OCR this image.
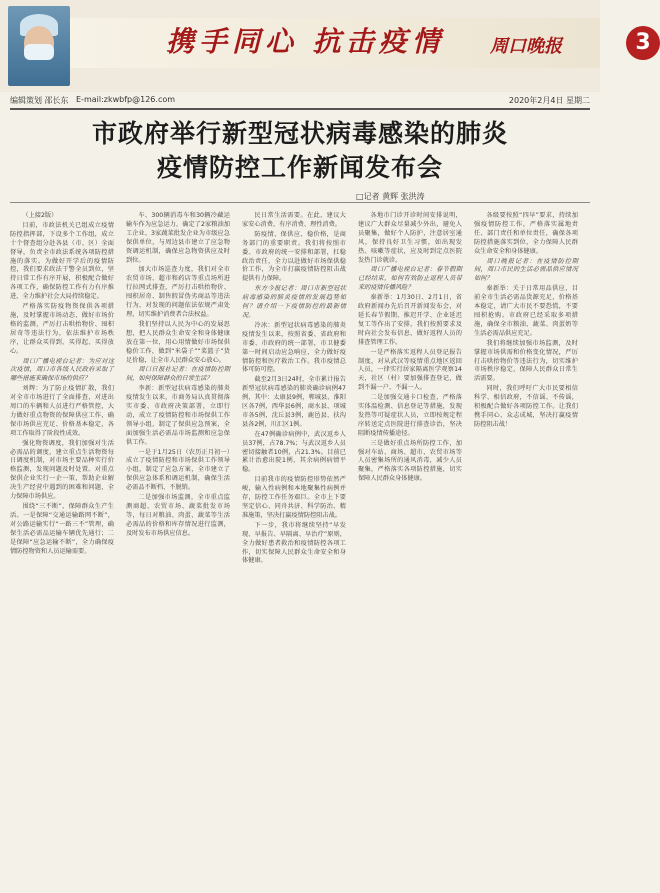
携手同心 抗击疫情	周口晚报	3
编辑策划 邵长东 E-mail:zkwbfp@126.com	2020年2月4日 星期二
市政府举行新型冠状病毒感染的肺炎
疫情防控工作新闻发布会
□记者 黄辉 张洪涛

（上接2版）

目前，市政法机关已组成立疫情防控指挥部，下设多个工作组，成立十个督查组分赴各县（市、区）全面督导，负责全市政法系统各项防控措施的落实。为做好开学后的疫情防控，我们要求政法干警全员到位，坚持日常工作有序开展，积极配合做好各项工作，确保防控工作有力有序推进，全力维护社会大局持续稳定。

严格落实防疫物资保供各项措施，及时掌握市场动态，做好市场价格的监测，严厉打击哄抬物价、囤积居奇等违法行为，依法维护市场秩序，让群众买得到、买得起、买得放心。

周口广播电视台记者：为应对这次疫情，周口市各级人民政府采取了哪些措施来确保市场的供应？

刘辉：为了防止疫情扩散，我们对全市市场进行了全面排查，对进出周口的车辆和人员进行严格管控，大力做好重点物资的保障供应工作，确保市场供应充足、价格基本稳定，各项工作取得了阶段性成效。

强化物资调度，我们加强对生活必需品的调度，建立重点生活物资每日调度机制，对市场主要品种实行价格监测，发现问题及时处置。对重点保供企业实行一企一策，帮助企业解决生产经营中遇到的困难和问题，全力保障市场供应。

围绕“三不断”，保障群众生产生活。一是保障“交通运输路网不断”，对公路运输实行“一路三不”管理，确保生活必需品运输车辆优先通行；二是保障“应急运输不断”，全力确保疫情防控物资和人员运输需要。

车、300辆消毒车和30辆冷藏运输车作为应急运力，确定了2家粮油加工企业、3家蔬菜批发企业为市级应急保供单位，与周边县市建立了应急物资调运机制，确保应急物资供应及时到位。

加大市场巡查力度，我们对全市农贸市场、超市和药店等重点场所进行拉网式排查，严厉打击哄抬物价、囤积居奇、制售假冒伪劣商品等违法行为，对发现的问题依法依规严肃处理，切实维护消费者合法权益。

我们坚持以人民为中心的发展思想，把人民群众生命安全和身体健康放在第一位，用心用情做好市场保供稳价工作，做到“米袋子”“菜篮子”货足价稳，让全市人民群众安心放心。

周口日报社记者：在疫情防控期间，如何保障群众的日常生活？

李新：新型冠状病毒感染的肺炎疫情发生以来，市商务局认真贯彻落实市委、市政府决策部署，立即行动，成立了疫情防控和市场保供工作领导小组，制定了保供应急预案，全面加强生活必需品市场监测和应急保供工作。

一是于1月25日（农历正月初一）成立了疫情防控和市场保供工作领导小组，制定了应急方案，全市建立了保供应急体系和调运机制，确保生活必需品不断档、不脱销。

二是加强市场监测，全市重点监测商超、农贸市场、蔬菜批发市场等，每日对粮油、肉蛋、蔬菜等生活必需品的价格和库存情况进行监测，及时发布市场供应信息。

民日常生活需要。在此，建议大家安心消费、有序消费、理性消费。

防疫情、保供应、稳价格，是商务部门的重要职责。我们将按照市委、市政府的统一安排和部署，扛稳政治责任，全力以赴做好市场保供稳价工作，为全市打赢疫情防控阻击战提供有力保障。

东方今报记者：周口市新型冠状病毒感染的肺炎疫情的发展趋势如何？请介绍一下疫情防控的最新情况。

冷冰：新型冠状病毒感染的肺炎疫情发生以来，按照省委、省政府和市委、市政府的统一部署，市卫健委第一时间启动应急响应，全力做好疫情防控和医疗救治工作。我市疫情总体可防可控。

截至2月3日24时，全市累计报告新型冠状病毒感染的肺炎确诊病例47例，其中：太康县9例，郸城县、淮阳区各7例，西华县6例，商水县、项城市各5例，沈丘县3例，鹿邑县、扶沟县各2例，川汇区1例。

在47例确诊病例中，武汉返乡人员37例，占78.7%；与武汉返乡人员密切接触者10例，占21.3%。目前已累计治愈出院1例，其余病例病情平稳。

目前我市的疫情防控形势依然严峻，输入性病例和本地聚集性病例并存，防控工作任务艰巨。全市上下要坚定信心、同舟共济、科学防治、精准施策，坚决打赢疫情防控阻击战。

下一步，我市将继续坚持“早发现、早报告、早隔离、早治疗”原则，全力做好患者救治和疫情防控各项工作，切实保障人民群众生命安全和身体健康。

各地市门诊开诊时间安排说明，建议广大群众尽量减少外出，避免人员聚集，做好个人防护，注意居室通风，保持良好卫生习惯，如出现发热、咳嗽等症状，应及时到定点医院发热门诊就诊。

周口广播电视台记者：春节假期已经结束，如何有效防止返程人员带来的疫情传播风险？

秦新举：1月30日、2月1日，省政府新闻办先后召开新闻发布会，对延长春节假期、推迟开学、企业延迟复工等作出了安排，我们按照要求及时向社会发布信息，做好返程人员的排查管理工作。

一是严格落实返程人员登记报告制度，对从武汉等疫情重点地区返回人员，一律实行居家隔离医学观察14天，社区（村）要加强排查登记，做到不漏一户、不漏一人。

二是加强交通卡口检查，严格落实体温检测、信息登记等措施，发现发热等可疑症状人员，立即按规定程序转送定点医院进行排查诊治，坚决阻断疫情传播途径。

三是做好重点场所防控工作，加强对车站、商场、超市、农贸市场等人员密集场所的通风消毒，减少人员聚集，严格落实各项防控措施，切实保障人民群众身体健康。

各级要按照“四早”要求，持续加强疫情防控工作，严格落实属地责任、部门责任和单位责任，确保各项防控措施落实到位，全力保障人民群众生命安全和身体健康。

周口晚报记者：在疫情防控期间，周口市民的生活必需品供应情况如何？

秦新举：关于日常用品供应，目前全市生活必需品货源充足，价格基本稳定，请广大市民不要恐慌，不要囤积抢购。市政府已经采取多项措施，确保全市粮油、蔬菜、肉蛋奶等生活必需品供应充足。

我们将继续加强市场监测，及时掌握市场供需和价格变化情况，严厉打击哄抬物价等违法行为，切实维护市场秩序稳定，保障人民群众日常生活需要。

同时，我们呼吁广大市民要相信科学、相信政府，不信谣、不传谣，积极配合做好各项防控工作。让我们携手同心，众志成城，坚决打赢疫情防控阻击战！
